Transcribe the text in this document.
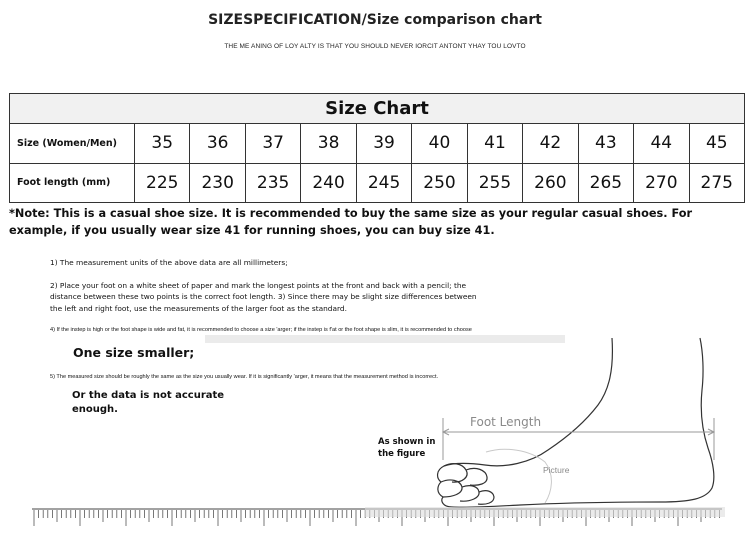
SIZESPECIFICATION/Size comparison chart
THE ME ANING OF LOY ALTY IS THAT YOU SHOULD NEVER IORCIT ANTONT YHAY TOU LOVTO
Size Chart											
Size (Women/Men)	35	36	37	38	39	40	41	42	43	44	45
Foot length (mm)	225	230	235	240	245	250	255	260	265	270	275
*Note: This is a casual shoe size. It is recommended to buy the same size as your regular casual shoes. For example, if you usually wear size 41 for running shoes, you can buy size 41.
1) The measurement units of the above data are all millimeters;
2) Place your foot on a white sheet of paper and mark the longest points at the front and back with a pencil; the
distance between these two points is the correct foot length. 3) Since there may be slight size differences between
the left and right foot, use the measurements of the larger foot as the standard.
4) If the instep is high or the foot shape is wide and fat, it is recommended to choose a size 'arger; if the instep is f'at or the foot shape is slim, it is recommended to choose
One size smaller;
5) The measured size should be roughly the same as the size you usually wear. If it is significantly 'arger, it means that the measurement method is incorrect.
Or the data is not accurate
enough.
Picture
Foot Length
As shown in
the figure
